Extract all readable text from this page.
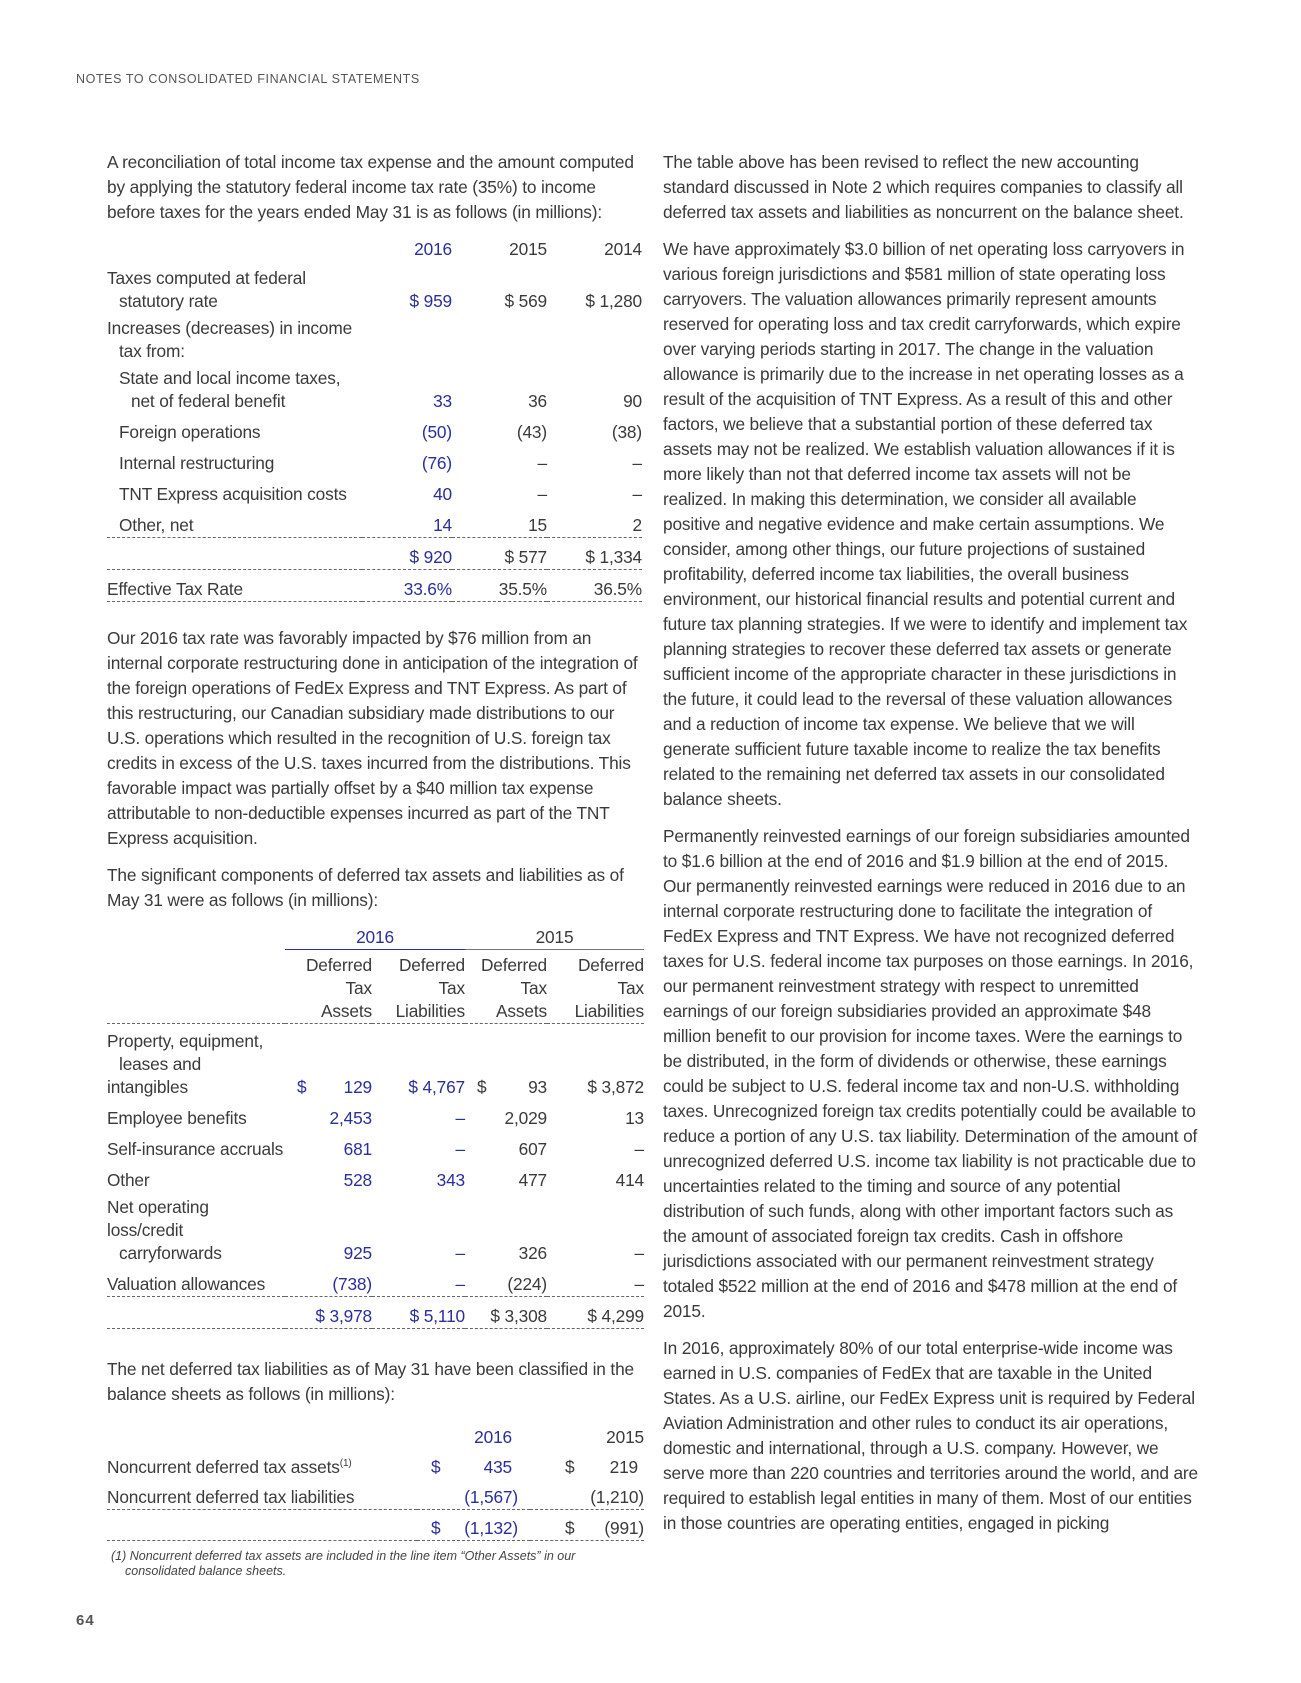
NOTES TO CONSOLIDATED FINANCIAL STATEMENTS

A reconciliation of total income tax expense and the amount computed by applying the statutory federal income tax rate (35%) to income before taxes for the years ended May 31 is as follows (in millions):

	2016	2015	2014
Taxes computed at federal
statutory rate	$ 959	$ 569	$ 1,280
Increases (decreases) in income
tax from:			
State and local income taxes,
net of federal benefit	33	36	90
Foreign operations	(50)	(43)	(38)
Internal restructuring	(76)	–	–
TNT Express acquisition costs	40	–	–
Other, net	14	15	2
	$ 920	$ 577	$ 1,334
Effective Tax Rate	33.6%	35.5%	36.5%

Our 2016 tax rate was favorably impacted by $76 million from an internal corporate restructuring done in anticipation of the integration of the foreign operations of FedEx Express and TNT Express. As part of this restructuring, our Canadian subsidiary made distributions to our U.S. operations which resulted in the recognition of U.S. foreign tax credits in excess of the U.S. taxes incurred from the distributions. This favorable impact was partially offset by a $40 million tax expense attributable to non-deductible expenses incurred as part of the TNT Express acquisition.

The significant components of deferred tax assets and liabilities as of May 31 were as follows (in millions):

	2016		2015	
	Deferred
Tax
Assets	Deferred
Tax
Liabilities	Deferred
Tax
Assets	Deferred
Tax
Liabilities
Property, equipment,
leases and intangibles	$ 129	$ 4,767	$ 93	$ 3,872
Employee benefits	2,453	–	2,029	13
Self-insurance accruals	681	–	607	–
Other	528	343	477	414
Net operating loss/credit
carryforwards	925	–	326	–
Valuation allowances	(738)	–	(224)	–
	$ 3,978	$ 5,110	$ 3,308	$ 4,299

The net deferred tax liabilities as of May 31 have been classified in the balance sheets as follows (in millions):

	2016	2015
Noncurrent deferred tax assets$^{(1)}$	$ 435	$ 219

Noncurrent deferred tax liabilities	(1,567)	(1,210)
	$ (1,132)	$ (991)
(1) Noncurrent deferred tax assets are included in the line item “Other Assets” in our
consolidated balance sheets.

The table above has been revised to reflect the new accounting standard discussed in Note 2 which requires companies to classify all deferred tax assets and liabilities as noncurrent on the balance sheet.

We have approximately $3.0 billion of net operating loss carryovers in various foreign jurisdictions and $581 million of state operating loss carryovers. The valuation allowances primarily represent amounts reserved for operating loss and tax credit carryforwards, which expire over varying periods starting in 2017. The change in the valuation allowance is primarily due to the increase in net operating losses as a result of the acquisition of TNT Express. As a result of this and other factors, we believe that a substantial portion of these deferred tax assets may not be realized. We establish valuation allowances if it is more likely than not that deferred income tax assets will not be realized. In making this determination, we consider all available positive and negative evidence and make certain assumptions. We consider, among other things, our future projections of sustained profitability, deferred income tax liabilities, the overall business environment, our historical financial results and potential current and future tax planning strategies. If we were to identify and implement tax planning strategies to recover these deferred tax assets or generate sufficient income of the appropriate character in these jurisdictions in the future, it could lead to the reversal of these valuation allowances and a reduction of income tax expense. We believe that we will generate sufficient future taxable income to realize the tax benefits related to the remaining net deferred tax assets in our consolidated balance sheets.

Permanently reinvested earnings of our foreign subsidiaries amounted to $1.6 billion at the end of 2016 and $1.9 billion at the end of 2015. Our permanently reinvested earnings were reduced in 2016 due to an internal corporate restructuring done to facilitate the integration of FedEx Express and TNT Express. We have not recognized deferred taxes for U.S. federal income tax purposes on those earnings. In 2016, our permanent reinvestment strategy with respect to unremitted earnings of our foreign subsidiaries provided an approximate $48 million benefit to our provision for income taxes. Were the earnings to be distributed, in the form of dividends or otherwise, these earnings could be subject to U.S. federal income tax and non-U.S. withholding taxes. Unrecognized foreign tax credits potentially could be available to reduce a portion of any U.S. tax liability. Determination of the amount of unrecognized deferred U.S. income tax liability is not practicable due to uncertainties related to the timing and source of any potential distribution of such funds, along with other important factors such as the amount of associated foreign tax credits. Cash in offshore jurisdictions associated with our permanent reinvestment strategy totaled $522 million at the end of 2016 and $478 million at the end of 2015.

In 2016, approximately 80% of our total enterprise-wide income was earned in U.S. companies of FedEx that are taxable in the United States. As a U.S. airline, our FedEx Express unit is required by Federal Aviation Administration and other rules to conduct its air operations, domestic and international, through a U.S. company. However, we serve more than 220 countries and territories around the world, and are required to establish legal entities in many of them. Most of our entities in those countries are operating entities, engaged in picking

64
